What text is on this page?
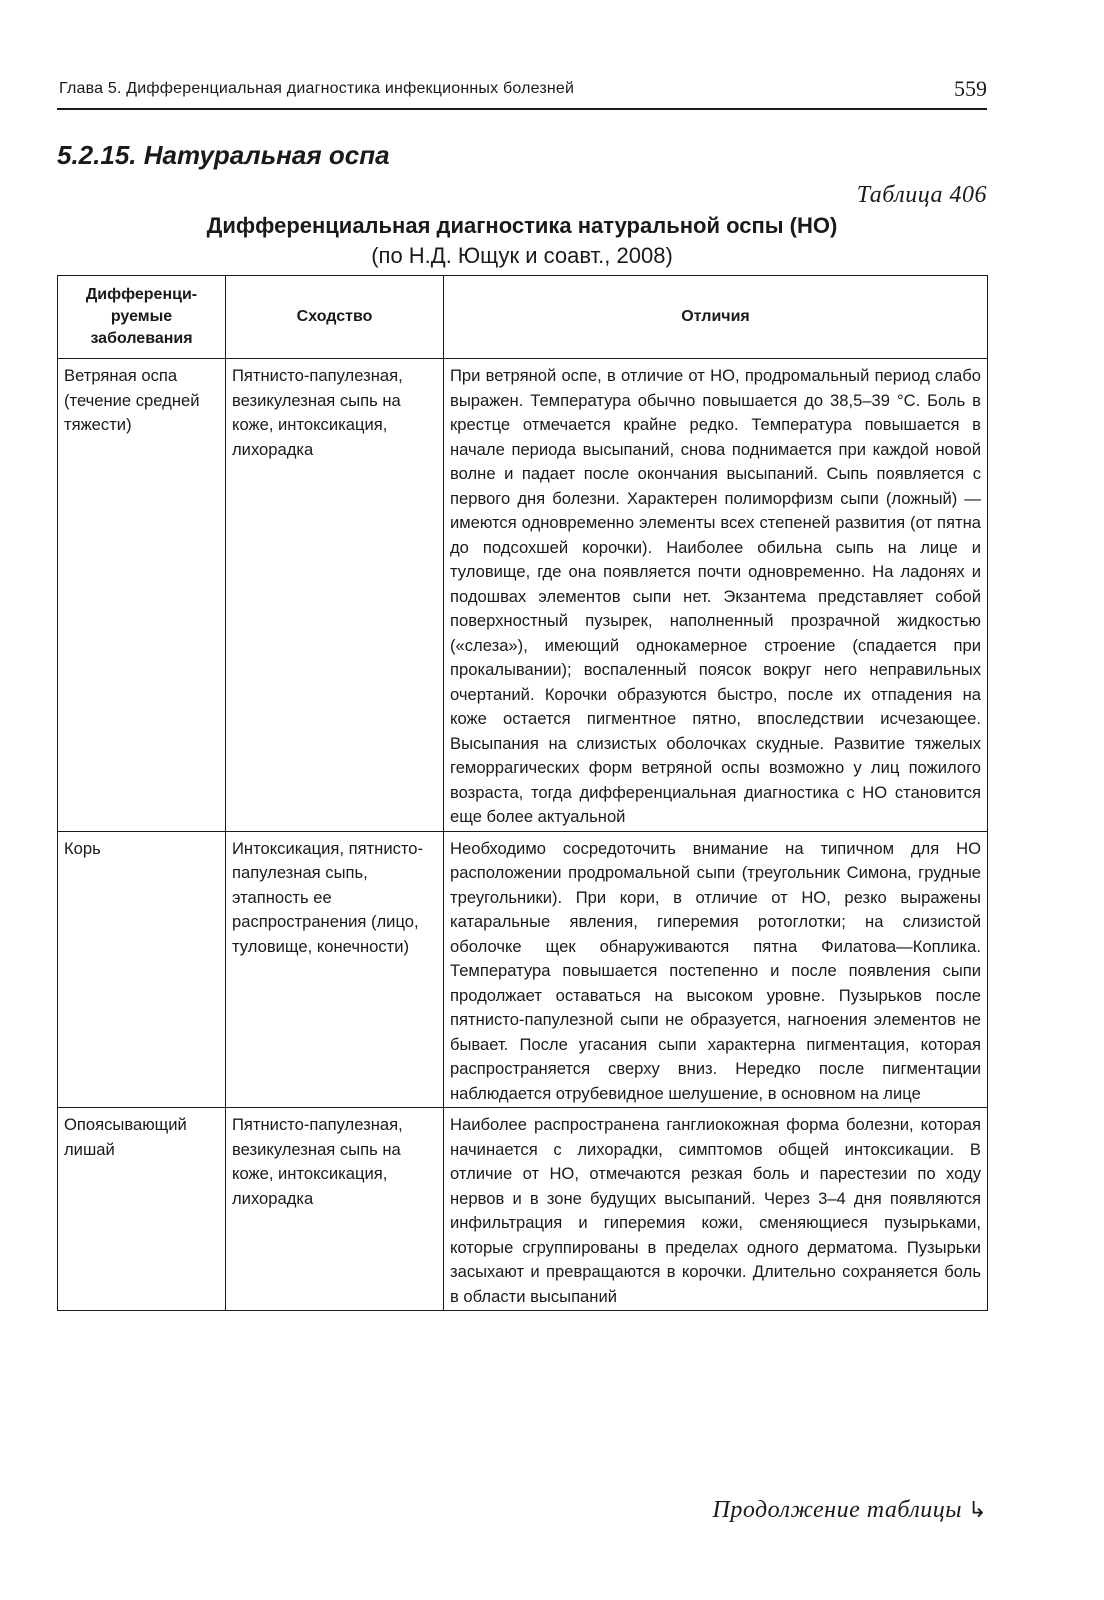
Глава 5. Дифференциальная диагностика инфекционных болезней	559
5.2.15. Натуральная оспа
Таблица 406
Дифференциальная диагностика натуральной оспы (НО)
(по Н.Д. Ющук и соавт., 2008)
Дифференци-руемые заболевания	Сходство	Отличия
Ветряная оспа (течение средней тяжести)	Пятнисто-папулезная, везикулезная сыпь на коже, интоксикация, лихорадка	При ветряной оспе, в отличие от НО, продромальный период слабо выражен. Температура обычно повышается до 38,5–39 °С. Боль в крестце отмечается крайне редко. Температура повышается в начале периода высыпаний, снова поднимается при каждой новой волне и падает после окончания высыпаний. Сыпь появляется с первого дня болезни. Характерен полиморфизм сыпи (ложный) — имеются одновременно элементы всех степеней развития (от пятна до подсохшей корочки). Наиболее обильна сыпь на лице и туловище, где она появляется почти одновременно. На ладонях и подошвах элементов сыпи нет. Экзантема представляет собой поверхностный пузырек, наполненный прозрачной жидкостью («слеза»), имеющий однокамерное строение (спадается при прокалывании); воспаленный поясок вокруг него неправильных очертаний. Корочки образуются быстро, после их отпадения на коже остается пигментное пятно, впоследствии исчезающее. Высыпания на слизистых оболочках скудные. Развитие тяжелых геморрагических форм ветряной оспы возможно у лиц пожилого возраста, тогда дифференциальная диагностика с НО становится еще более актуальной
Корь	Интоксикация, пятнисто-папулезная сыпь, этапность ее распространения (лицо, туловище, конечности)	Необходимо сосредоточить внимание на типичном для НО расположении продромальной сыпи (треугольник Симона, грудные треугольники). При кори, в отличие от НО, резко выражены катаральные явления, гиперемия ротоглотки; на слизистой оболочке щек обнаруживаются пятна Филатова—Коплика. Температура повышается постепенно и после появления сыпи продолжает оставаться на высоком уровне. Пузырьков после пятнисто-папулезной сыпи не образуется, нагноения элементов не бывает. После угасания сыпи характерна пигментация, которая распространяется сверху вниз. Нередко после пигментации наблюдается отрубевидное шелушение, в основном на лице
Опоясывающий лишай	Пятнисто-папулезная, везикулезная сыпь на коже, интоксикация, лихорадка	Наиболее распространена ганглиокожная форма болезни, которая начинается с лихорадки, симптомов общей интоксикации. В отличие от НО, отмечаются резкая боль и парестезии по ходу нервов и в зоне будущих высыпаний. Через 3–4 дня появляются инфильтрация и гиперемия кожи, сменяющиеся пузырьками, которые сгруппированы в пределах одного дерматома. Пузырьки засыхают и превращаются в корочки. Длительно сохраняется боль в области высыпаний
Продолжение таблицы ↳
